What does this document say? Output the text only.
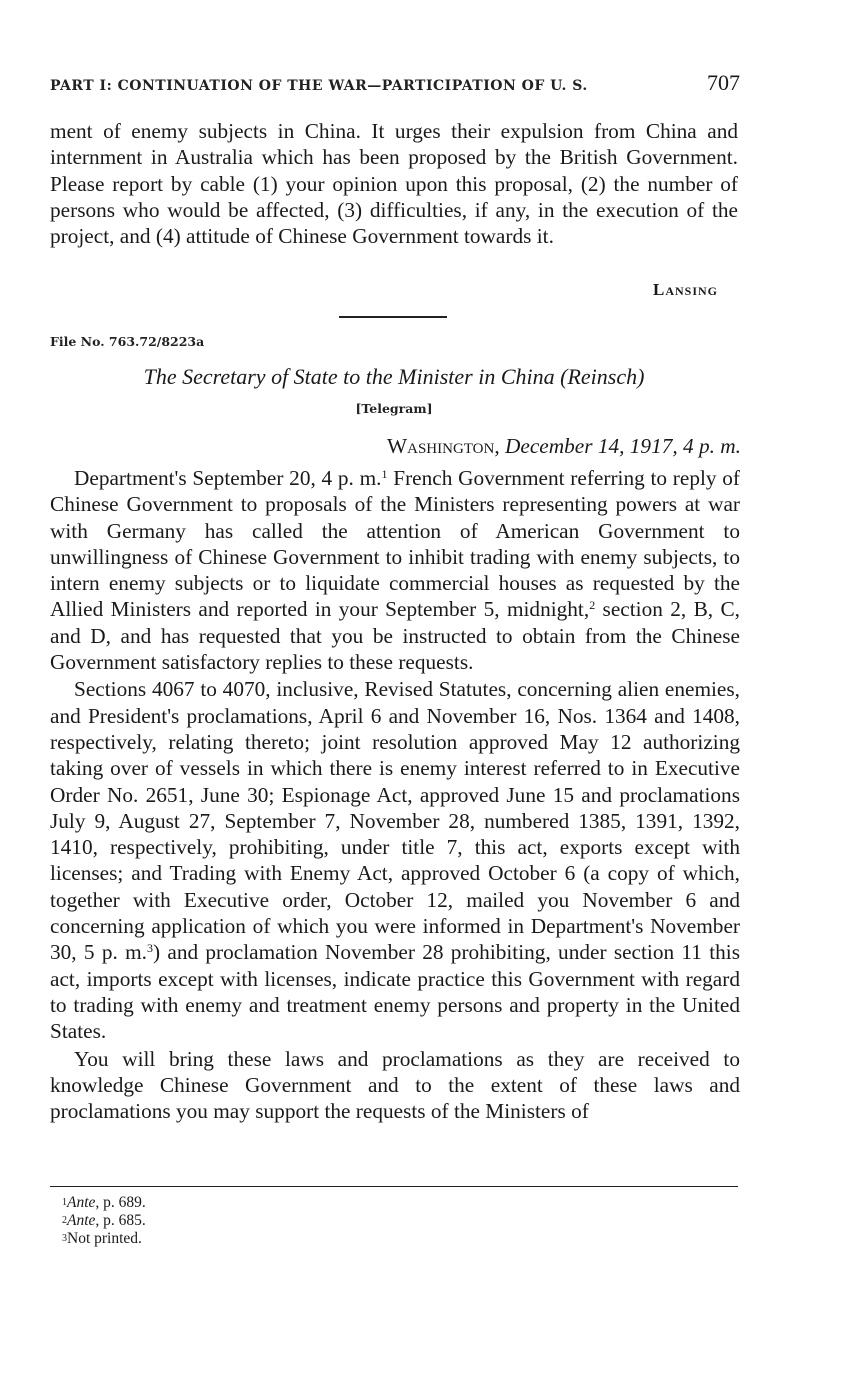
PART I: CONTINUATION OF THE WAR—PARTICIPATION OF U. S.	707

ment of enemy subjects in China. It urges their expulsion from China and internment in Australia which has been proposed by the British Government. Please report by cable (1) your opinion upon this proposal, (2) the number of persons who would be affected, (3) difficulties, if any, in the execution of the project, and (4) attitude of Chinese Government towards it.

Lansing
File No. 763.72/8223a
The Secretary of State to the Minister in China (Reinsch)
[Telegram]
Washington, December 14, 1917, 4 p. m.

Department's September 20, 4 p. m.$^1$ French Government referring to reply of Chinese Government to proposals of the Ministers representing powers at war with Germany has called the attention of American Government to unwillingness of Chinese Government to inhibit trading with enemy subjects, to intern enemy subjects or to liquidate commercial houses as requested by the Allied Ministers and reported in your September 5, midnight,$^2$ section 2, B, C, and D, and has requested that you be instructed to obtain from the Chinese Government satisfactory replies to these requests.

Sections 4067 to 4070, inclusive, Revised Statutes, concerning alien enemies, and President's proclamations, April 6 and November 16, Nos. 1364 and 1408, respectively, relating thereto; joint resolution approved May 12 authorizing taking over of vessels in which there is enemy interest referred to in Executive Order No. 2651, June 30; Espionage Act, approved June 15 and proclamations July 9, August 27, September 7, November 28, numbered 1385, 1391, 1392, 1410, respectively, prohibiting, under title 7, this act, exports except with licenses; and Trading with Enemy Act, approved October 6 (a copy of which, together with Executive order, October 12, mailed you November 6 and concerning application of which you were informed in Department's November 30, 5 p. m.$^3$) and proclamation November 28 prohibiting, under section 11 this act, imports except with licenses, indicate practice this Government with regard to trading with enemy and treatment enemy persons and property in the United States.

You will bring these laws and proclamations as they are received to knowledge Chinese Government and to the extent of these laws and proclamations you may support the requests of the Ministers of

$^1$Ante, p. 689.
$^2$Ante, p. 685.
$^3$Not printed.
